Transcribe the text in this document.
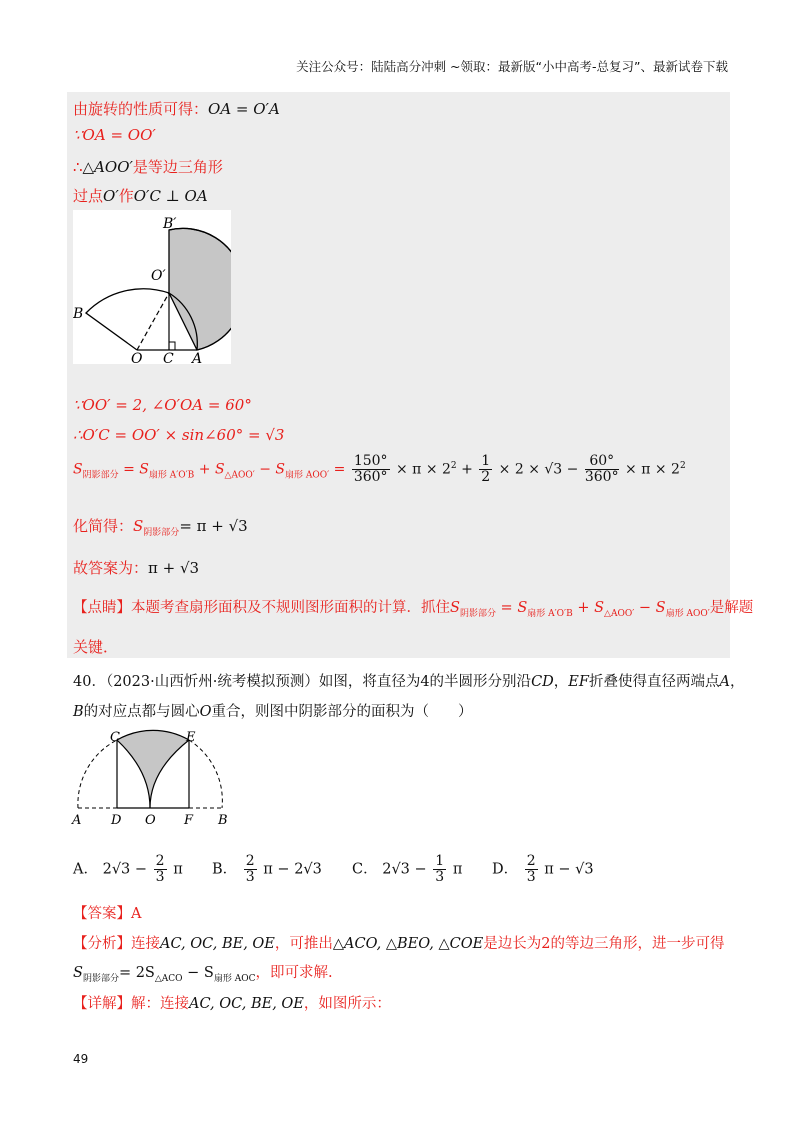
关注公众号：陆陆高分冲刺 ~领取：最新版“小中高考-总复习”、最新试卷下载
由旋转的性质可得：OA = O′A
∵OA = OO′
∴△AOO′是等边三角形
过点O′作O′C ⊥ OA
B′
O′
B
O C A
∵OO′ = 2, ∠O′OA = 60°
∴O′C = OO′ × sin∠60° = √3
$S_{阴影部分} = S_{扇形 A'O'B} + S_{\triangle AOO'} - S_{扇形 AOO'} = \frac{150^\circ}{360^\circ} \times \pi \times 2^2 + \frac{1}{2} \times 2 \times √3 - \frac{60^\circ}{360^\circ} \times \pi \times 2^2$
化简得：$S_{阴影部分}= \pi + √3$
故答案为：π + √3
【点睛】本题考查扇形面积及不规则图形面积的计算．抓住$S_{阴影部分} = S_{扇形 A'O'B} + S_{\triangle AOO'} - S_{扇形 AOO'}$是解题
关键．
40．（2023·山西忻州·统考模拟预测）如图，将直径为4的半圆形分别沿CD，EF折叠使得直径两端点A，
B的对应点都与圆心O重合，则图中阴影部分的面积为（　　）
C	E
A D O F B
A． $2√3 - \frac{2}{3}$ π B． $\frac{2}{3}$ π − 2√3 C． $2√3 - \frac{1}{3}$ π D． $\frac{2}{3}$ π − √3
【答案】A
【分析】连接AC, OC, BE, OE，可推出△ACO, △BEO, △COE是边长为2的等边三角形，进一步可得
$S_{阴影部分}= 2S_{\triangle ACO} - S_{扇形 AOC}$，即可求解.
【详解】解：连接AC, OC, BE, OE，如图所示：
49
